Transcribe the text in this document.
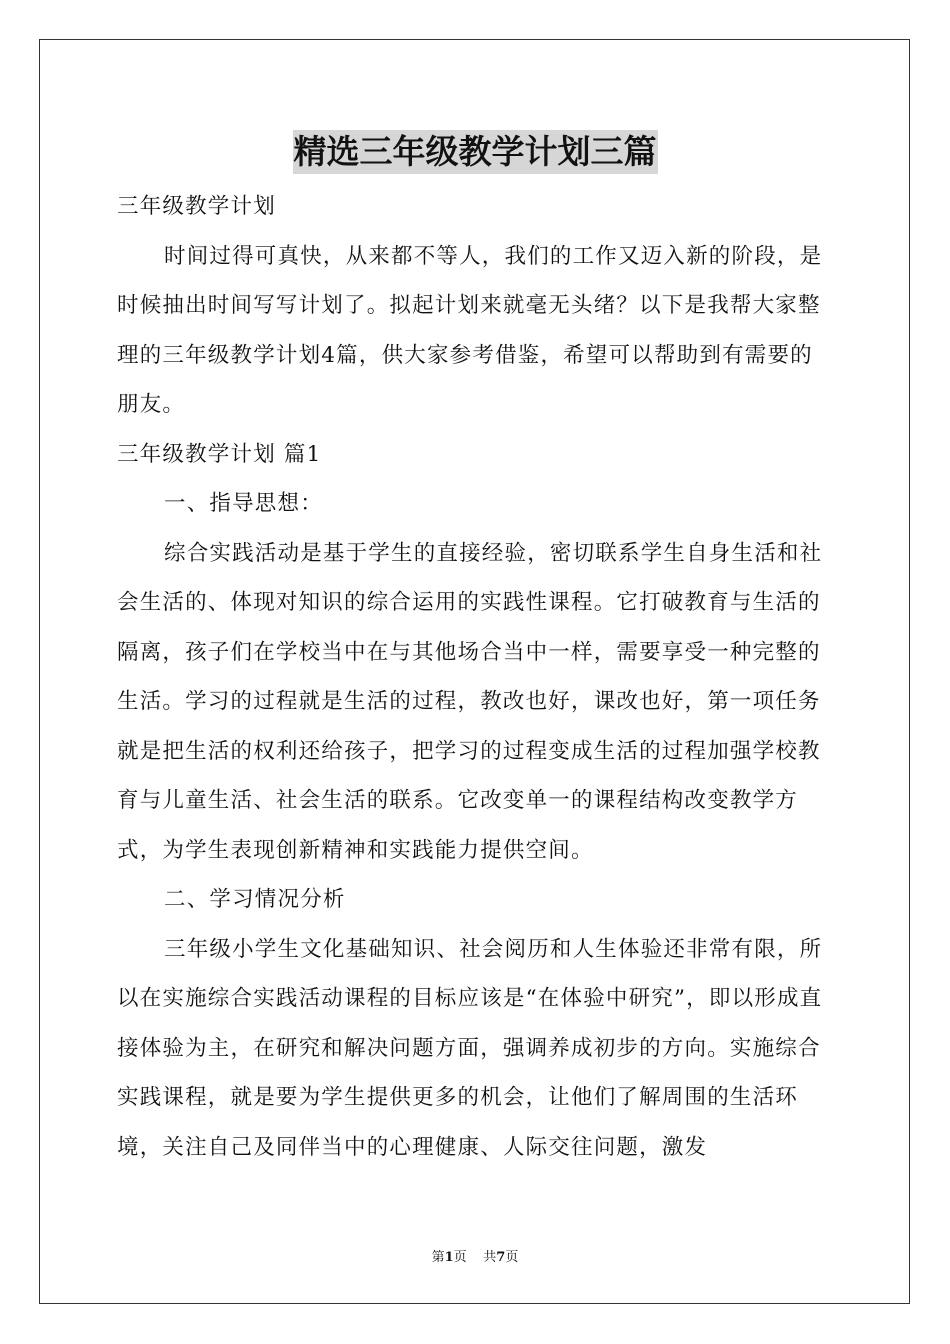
精选三年级教学计划三篇

三年级教学计划

时间过得可真快，从来都不等人，我们的工作又迈入新的阶段，是时候抽出时间写写计划了。拟起计划来就毫无头绪？以下是我帮大家整理的三年级教学计划4篇，供大家参考借鉴，希望可以帮助到有需要的朋友。

三年级教学计划 篇1

一、指导思想：

综合实践活动是基于学生的直接经验，密切联系学生自身生活和社会生活的、体现对知识的综合运用的实践性课程。它打破教育与生活的隔离，孩子们在学校当中在与其他场合当中一样，需要享受一种完整的生活。学习的过程就是生活的过程，教改也好，课改也好，第一项任务就是把生活的权利还给孩子，把学习的过程变成生活的过程加强学校教育与儿童生活、社会生活的联系。它改变单一的课程结构改变教学方式，为学生表现创新精神和实践能力提供空间。

二、学习情况分析

三年级小学生文化基础知识、社会阅历和人生体验还非常有限，所以在实施综合实践活动课程的目标应该是“在体验中研究”，即以形成直接体验为主，在研究和解决问题方面，强调养成初步的方向。实施综合实践课程，就是要为学生提供更多的机会，让他们了解周围的生活环境，关注自己及同伴当中的心理健康、人际交往问题，激发

第1页 共7页
